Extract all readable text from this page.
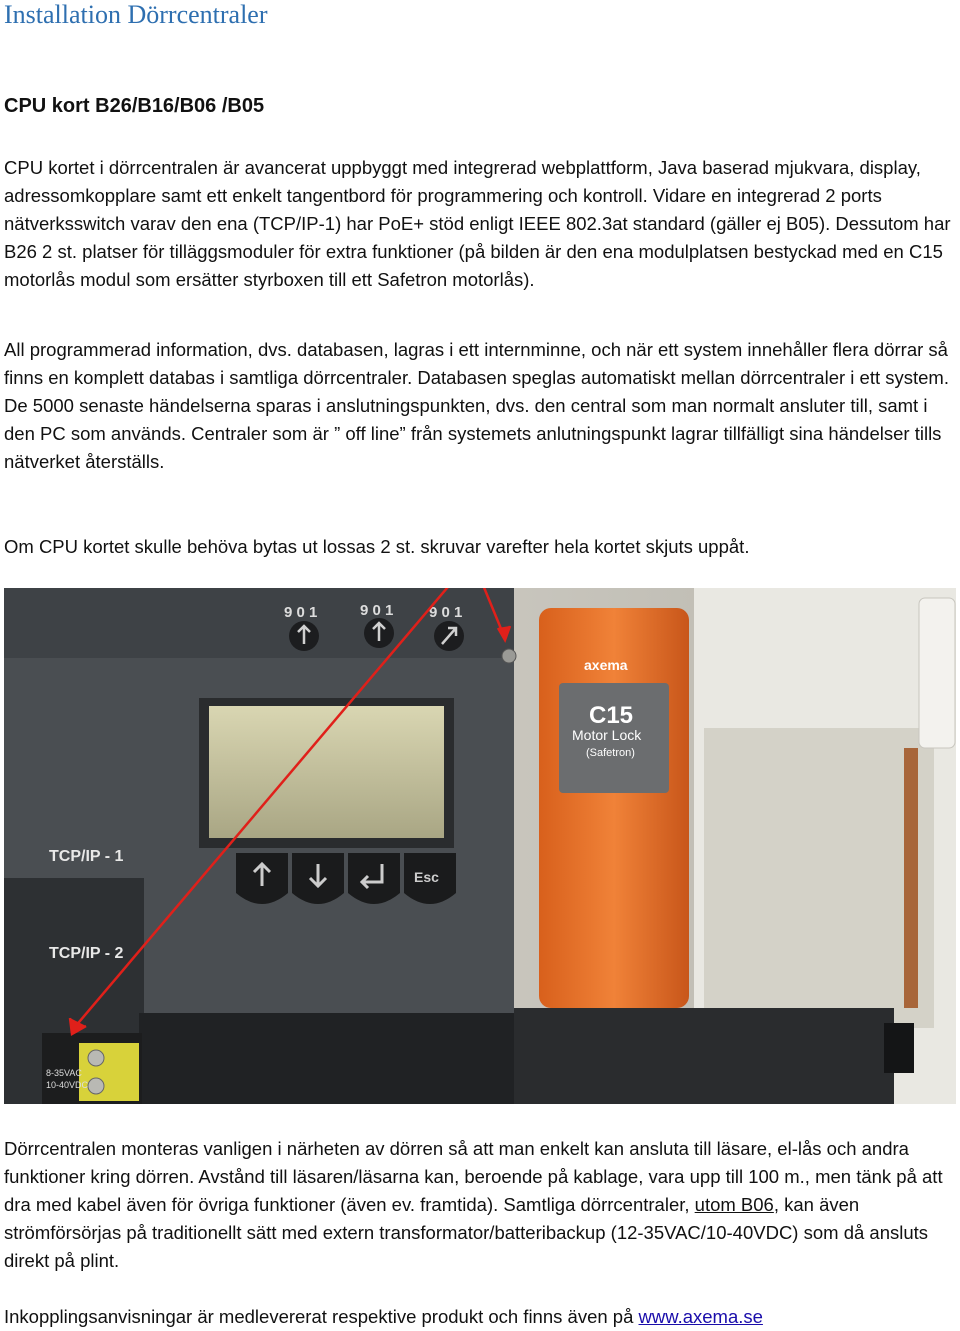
Installation Dörrcentraler
CPU kort B26/B16/B06 /B05

CPU kortet i dörrcentralen är avancerat uppbyggt med integrerad webplattform, Java baserad mjukvara, display, adressomkopplare samt ett enkelt tangentbord för programmering och kontroll. Vidare en integrerad 2 ports nätverksswitch varav den ena (TCP/IP-1) har PoE+ stöd enligt IEEE 802.3at standard (gäller ej B05). Dessutom har B26 2 st. platser för tilläggsmoduler för extra funktioner (på bilden är den ena modulplatsen bestyckad med en C15 motorlås modul som ersätter styrboxen till ett Safetron motorlås).

All programmerad information, dvs. databasen, lagras i ett internminne, och när ett system innehåller flera dörrar så finns en komplett databas i samtliga dörrcentraler. Databasen speglas automatiskt mellan dörrcentraler i ett system. De 5000 senaste händelserna sparas i anslutningspunkten, dvs. den central som man normalt ansluter till, samt i den PC som används. Centraler som är ” off line” från systemets anlutningspunkt lagrar tillfälligt sina händelser tills nätverket återställs.

Om CPU kortet skulle behöva bytas ut lossas 2 st. skruvar varefter hela kortet skjuts uppåt.

9 0 1	9 0 1 9 0 1
Esc
TCP/IP - 1
TCP/IP - 2
8-35VAC
10-40VDC
axema
C15
Motor Lock
(Safetron)

Dörrcentralen monteras vanligen i närheten av dörren så att man enkelt kan ansluta till läsare, el-lås och andra funktioner kring dörren. Avstånd till läsaren/läsarna kan, beroende på kablage, vara upp till 100 m., men tänk på att dra med kabel även för övriga funktioner (även ev. framtida). Samtliga dörrcentraler, utom B06, kan även strömförsörjas på traditionellt sätt med extern transformator/batteribackup (12-35VAC/10-40VDC) som då ansluts direkt på plint.

Inkopplingsanvisningar är medlevererat respektive produkt och finns även på www.axema.se
